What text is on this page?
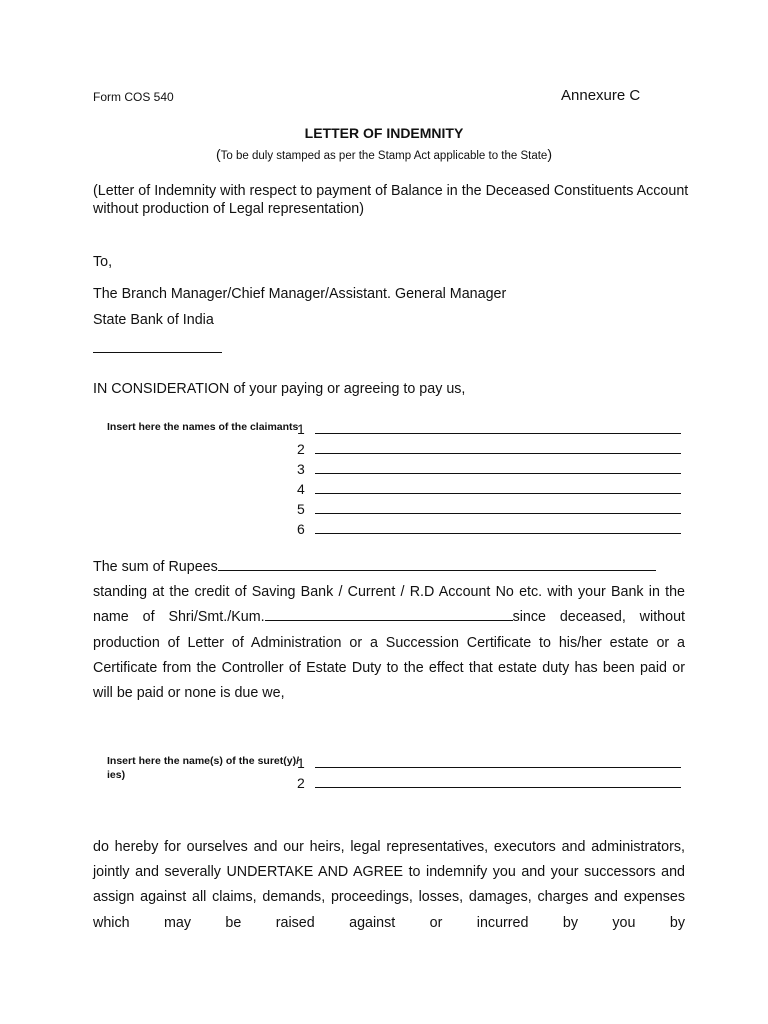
Form COS 540	Annexure C
LETTER OF INDEMNITY
(To be duly stamped as per the Stamp Act applicable to the State)
(Letter of Indemnity with respect to payment of Balance in the Deceased Constituents Account without production of Legal representation)
To,
The Branch Manager/Chief Manager/Assistant. General Manager
State Bank of India
IN CONSIDERATION of your paying or agreeing to pay us,
Insert here the names of the claimants
1
2
3
4
5
6
The sum of Rupees
standing at the credit of Saving Bank / Current / R.D Account No etc. with your Bank in the name of Shri/Smt./Kum.	since deceased, without production of Letter of Administration or a Succession Certificate to his/her estate or a Certificate from the Controller of Estate Duty to the effect that estate duty has been paid or will be paid or none is due we,
Insert here the name(s) of the suret(y)/ ies)
1
2
do hereby for ourselves and our heirs, legal representatives, executors and administrators, jointly and severally UNDERTAKE AND AGREE to indemnify you and your successors and assign against all claims, demands, proceedings, losses, damages, charges and expenses which may be raised against or incurred by you by
